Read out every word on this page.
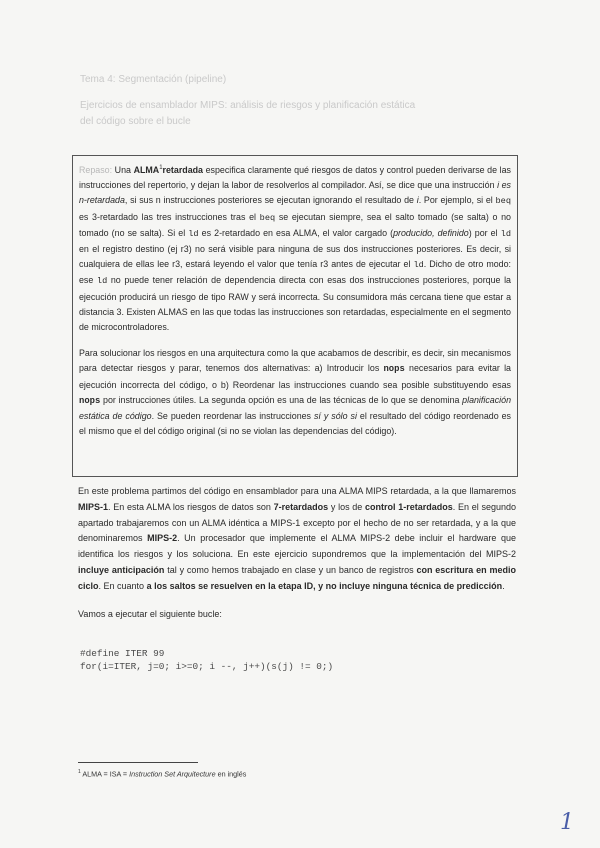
Tema 4: Segmentación (pipeline)
Ejercicios de ensamblador MIPS: análisis de riesgos y planificación estática
del código sobre el bucle

Repaso: Una ALMA$^1$retardada especifica claramente qué riesgos de datos y control pueden derivarse de las instrucciones del repertorio, y dejan la labor de resolverlos al compilador. Así, se dice que una instrucción i es n-retardada, si sus n instrucciones posteriores se ejecutan ignorando el resultado de i. Por ejemplo, si el beq es 3-retardado las tres instrucciones tras el beq se ejecutan siempre, sea el salto tomado (se salta) o no tomado (no se salta). Si el ld es 2-retardado en esa ALMA, el valor cargado (producido, definido) por el ld en el registro destino (ej r3) no será visible para ninguna de sus dos instrucciones posteriores. Es decir, si cualquiera de ellas lee r3, estará leyendo el valor que tenía r3 antes de ejecutar el ld. Dicho de otro modo: ese ld no puede tener relación de dependencia directa con esas dos instrucciones posteriores, porque la ejecución producirá un riesgo de tipo RAW y será incorrecta. Su consumidora más cercana tiene que estar a distancia 3. Existen ALMAS en las que todas las instrucciones son retardadas, especialmente en el segmento de microcontroladores.

Para solucionar los riesgos en una arquitectura como la que acabamos de describir, es decir, sin mecanismos para detectar riesgos y parar, tenemos dos alternativas: a) Introducir los nops necesarios para evitar la ejecución incorrecta del código, o b) Reordenar las instrucciones cuando sea posible substituyendo esas nops por instrucciones útiles. La segunda opción es una de las técnicas de lo que se denomina planificación estática de código. Se pueden reordenar las instrucciones sí y sólo si el resultado del código reordenado es el mismo que el del código original (si no se violan las dependencias del código).

En este problema partimos del código en ensamblador para una ALMA MIPS retardada, a la que llamaremos MIPS-1. En esta ALMA los riesgos de datos son 7-retardados y los de control 1-retardados. En el segundo apartado trabajaremos con un ALMA idéntica a MIPS-1 excepto por el hecho de no ser retardada, y a la que denominaremos MIPS-2. Un procesador que implemente el ALMA MIPS-2 debe incluir el hardware que identifica los riesgos y los soluciona. En este ejercicio supondremos que la implementación del MIPS-2 incluye anticipación tal y como hemos trabajado en clase y un banco de registros con escritura en medio ciclo. En cuanto a los saltos se resuelven en la etapa ID, y no incluye ninguna técnica de predicción.

Vamos a ejecutar el siguiente bucle:

#define ITER 99
for(i=ITER, j=0; i>=0; i --, j++)(s(j) != 0;)
$^1$ ALMA = ISA = Instruction Set Arquitecture en inglés
1
